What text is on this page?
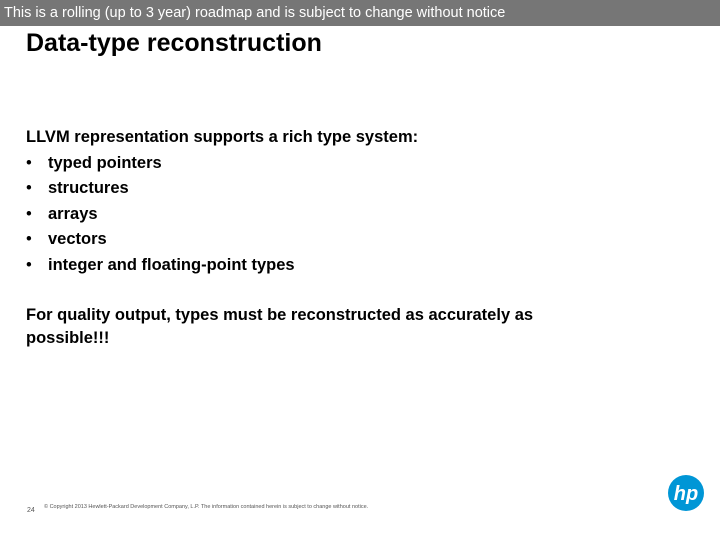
This is a rolling (up to 3 year) roadmap and is subject to change without notice
Data-type reconstruction
LLVM representation supports a rich type system:
• typed pointers
• structures
• arrays
• vectors
• integer and floating-point types
For quality output, types must be reconstructed as accurately as possible!!!
24 © Copyright 2013 Hewlett-Packard Development Company, L.P. The information contained herein is subject to change without notice.
hp
